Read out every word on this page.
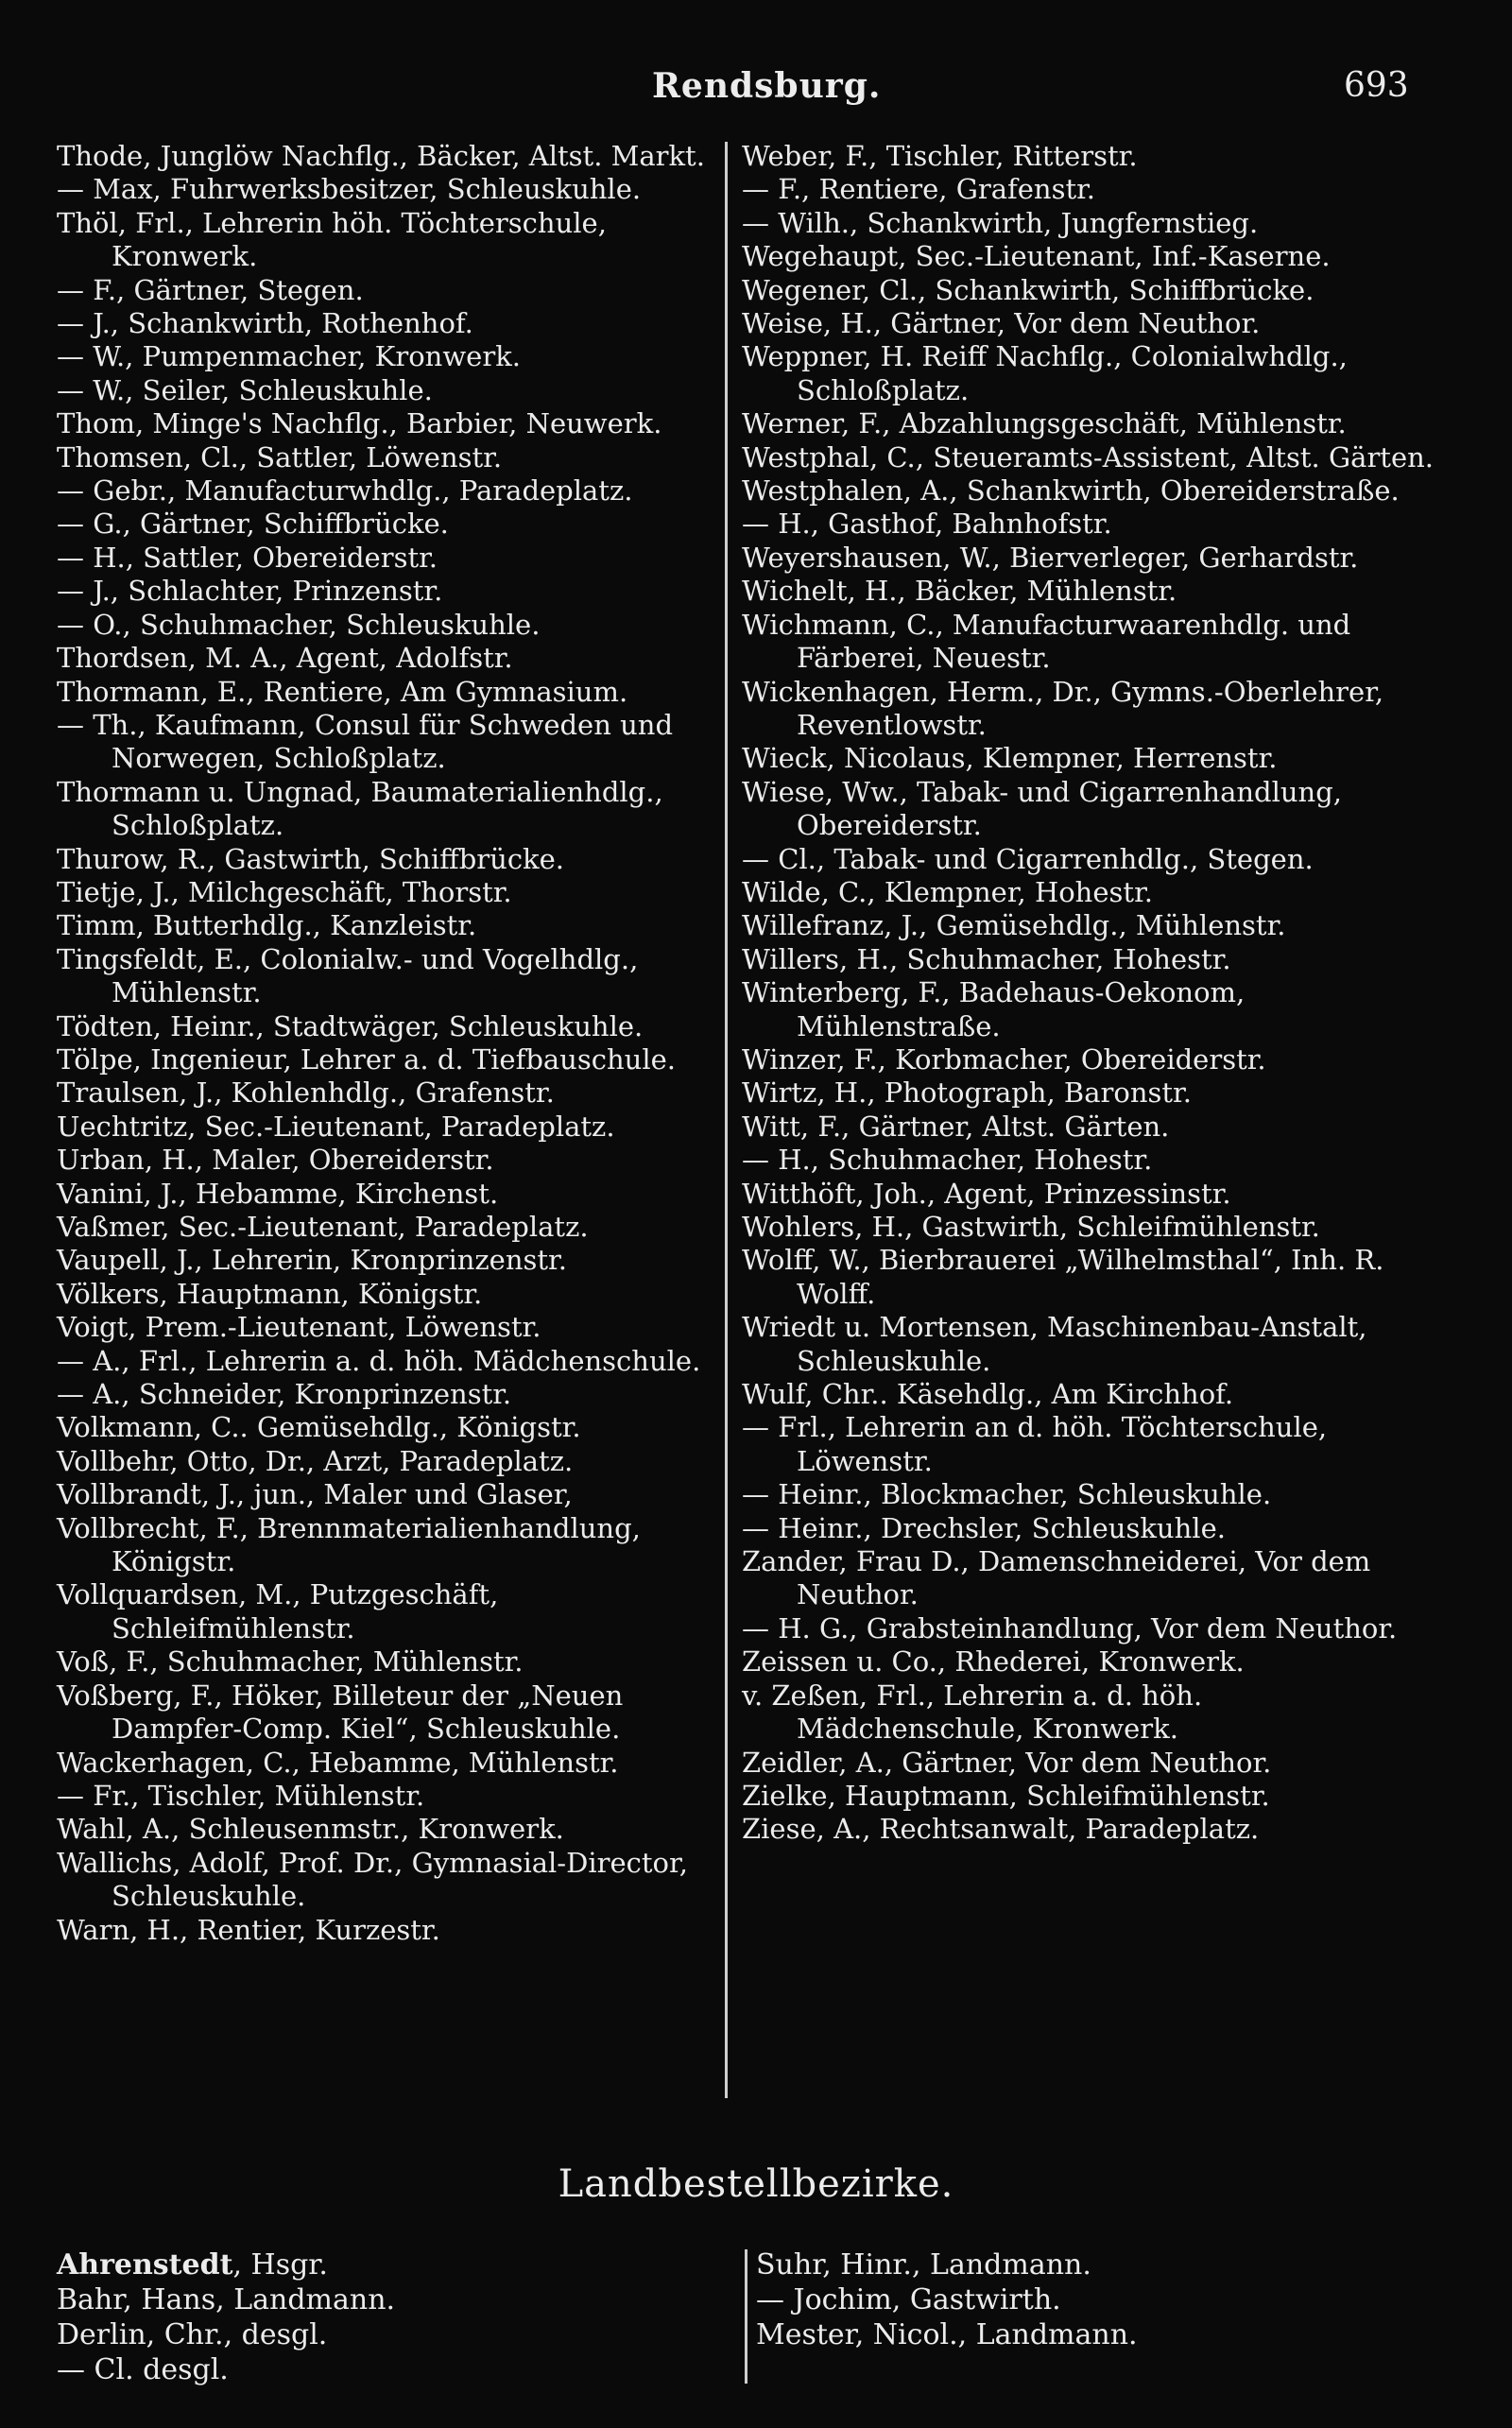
Rendsburg.	693

Thode, Junglöw Nachflg., Bäcker, Altst. Markt.

— Max, Fuhrwerksbesitzer, Schleuskuhle.

Thöl, Frl., Lehrerin höh. Töchterschule, Kronwerk.

— F., Gärtner, Stegen.

— J., Schankwirth, Rothenhof.

— W., Pumpenmacher, Kronwerk.

— W., Seiler, Schleuskuhle.

Thom, Minge's Nachflg., Barbier, Neuwerk.

Thomsen, Cl., Sattler, Löwenstr.

— Gebr., Manufacturwhdlg., Paradeplatz.

— G., Gärtner, Schiffbrücke.

— H., Sattler, Obereiderstr.

— J., Schlachter, Prinzenstr.

— O., Schuhmacher, Schleuskuhle.

Thordsen, M. A., Agent, Adolfstr.

Thormann, E., Rentiere, Am Gymnasium.

— Th., Kaufmann, Consul für Schweden und Norwegen, Schloßplatz.

Thormann u. Ungnad, Baumaterialienhdlg., Schloßplatz.

Thurow, R., Gastwirth, Schiffbrücke.

Tietje, J., Milchgeschäft, Thorstr.

Timm, Butterhdlg., Kanzleistr.

Tingsfeldt, E., Colonialw.- und Vogelhdlg., Mühlenstr.

Tödten, Heinr., Stadtwäger, Schleuskuhle.

Tölpe, Ingenieur, Lehrer a. d. Tiefbauschule.

Traulsen, J., Kohlenhdlg., Grafenstr.

Uechtritz, Sec.-Lieutenant, Paradeplatz.

Urban, H., Maler, Obereiderstr.

Vanini, J., Hebamme, Kirchenst.

Vaßmer, Sec.-Lieutenant, Paradeplatz.

Vaupell, J., Lehrerin, Kronprinzenstr.

Völkers, Hauptmann, Königstr.

Voigt, Prem.-Lieutenant, Löwenstr.

— A., Frl., Lehrerin a. d. höh. Mädchenschule.

— A., Schneider, Kronprinzenstr.

Volkmann, C.. Gemüsehdlg., Königstr.

Vollbehr, Otto, Dr., Arzt, Paradeplatz.

Vollbrandt, J., jun., Maler und Glaser,

Vollbrecht, F., Brennmaterialienhandlung, Königstr.

Vollquardsen, M., Putzgeschäft, Schleifmühlenstr.

Voß, F., Schuhmacher, Mühlenstr.

Voßberg, F., Höker, Billeteur der „Neuen Dampfer-Comp. Kiel“, Schleuskuhle.

Wackerhagen, C., Hebamme, Mühlenstr.

— Fr., Tischler, Mühlenstr.

Wahl, A., Schleusenmstr., Kronwerk.

Wallichs, Adolf, Prof. Dr., Gymnasial-Director, Schleuskuhle.

Warn, H., Rentier, Kurzestr.

Weber, F., Tischler, Ritterstr.

— F., Rentiere, Grafenstr.

— Wilh., Schankwirth, Jungfernstieg.

Wegehaupt, Sec.-Lieutenant, Inf.-Kaserne.

Wegener, Cl., Schankwirth, Schiffbrücke.

Weise, H., Gärtner, Vor dem Neuthor.

Weppner, H. Reiff Nachflg., Colonialwhdlg., Schloßplatz.

Werner, F., Abzahlungsgeschäft, Mühlenstr.

Westphal, C., Steueramts-Assistent, Altst. Gärten.

Westphalen, A., Schankwirth, Obereiderstraße.

— H., Gasthof, Bahnhofstr.

Weyershausen, W., Bierverleger, Gerhardstr.

Wichelt, H., Bäcker, Mühlenstr.

Wichmann, C., Manufacturwaarenhdlg. und Färberei, Neuestr.

Wickenhagen, Herm., Dr., Gymns.-Oberlehrer, Reventlowstr.

Wieck, Nicolaus, Klempner, Herrenstr.

Wiese, Ww., Tabak- und Cigarrenhandlung, Obereiderstr.

— Cl., Tabak- und Cigarrenhdlg., Stegen.

Wilde, C., Klempner, Hohestr.

Willefranz, J., Gemüsehdlg., Mühlenstr.

Willers, H., Schuhmacher, Hohestr.

Winterberg, F., Badehaus-Oekonom, Mühlenstraße.

Winzer, F., Korbmacher, Obereiderstr.

Wirtz, H., Photograph, Baronstr.

Witt, F., Gärtner, Altst. Gärten.

— H., Schuhmacher, Hohestr.

Witthöft, Joh., Agent, Prinzessinstr.

Wohlers, H., Gastwirth, Schleifmühlenstr.

Wolff, W., Bierbrauerei „Wilhelmsthal“, Inh. R. Wolff.

Wriedt u. Mortensen, Maschinenbau-Anstalt, Schleuskuhle.

Wulf, Chr.. Käsehdlg., Am Kirchhof.

— Frl., Lehrerin an d. höh. Töchterschule, Löwenstr.

— Heinr., Blockmacher, Schleuskuhle.

— Heinr., Drechsler, Schleuskuhle.

Zander, Frau D., Damenschneiderei, Vor dem Neuthor.

— H. G., Grabsteinhandlung, Vor dem Neuthor.

Zeissen u. Co., Rhederei, Kronwerk.

v. Zeßen, Frl., Lehrerin a. d. höh. Mädchenschule, Kronwerk.

Zeidler, A., Gärtner, Vor dem Neuthor.

Zielke, Hauptmann, Schleifmühlenstr.

Ziese, A., Rechtsanwalt, Paradeplatz.

Landbestellbezirke.
Ahrenstedt, Hsgr.
Bahr, Hans, Landmann.
Derlin, Chr., desgl.
— Cl. desgl.
Suhr, Hinr., Landmann.
— Jochim, Gastwirth.
Mester, Nicol., Landmann.
